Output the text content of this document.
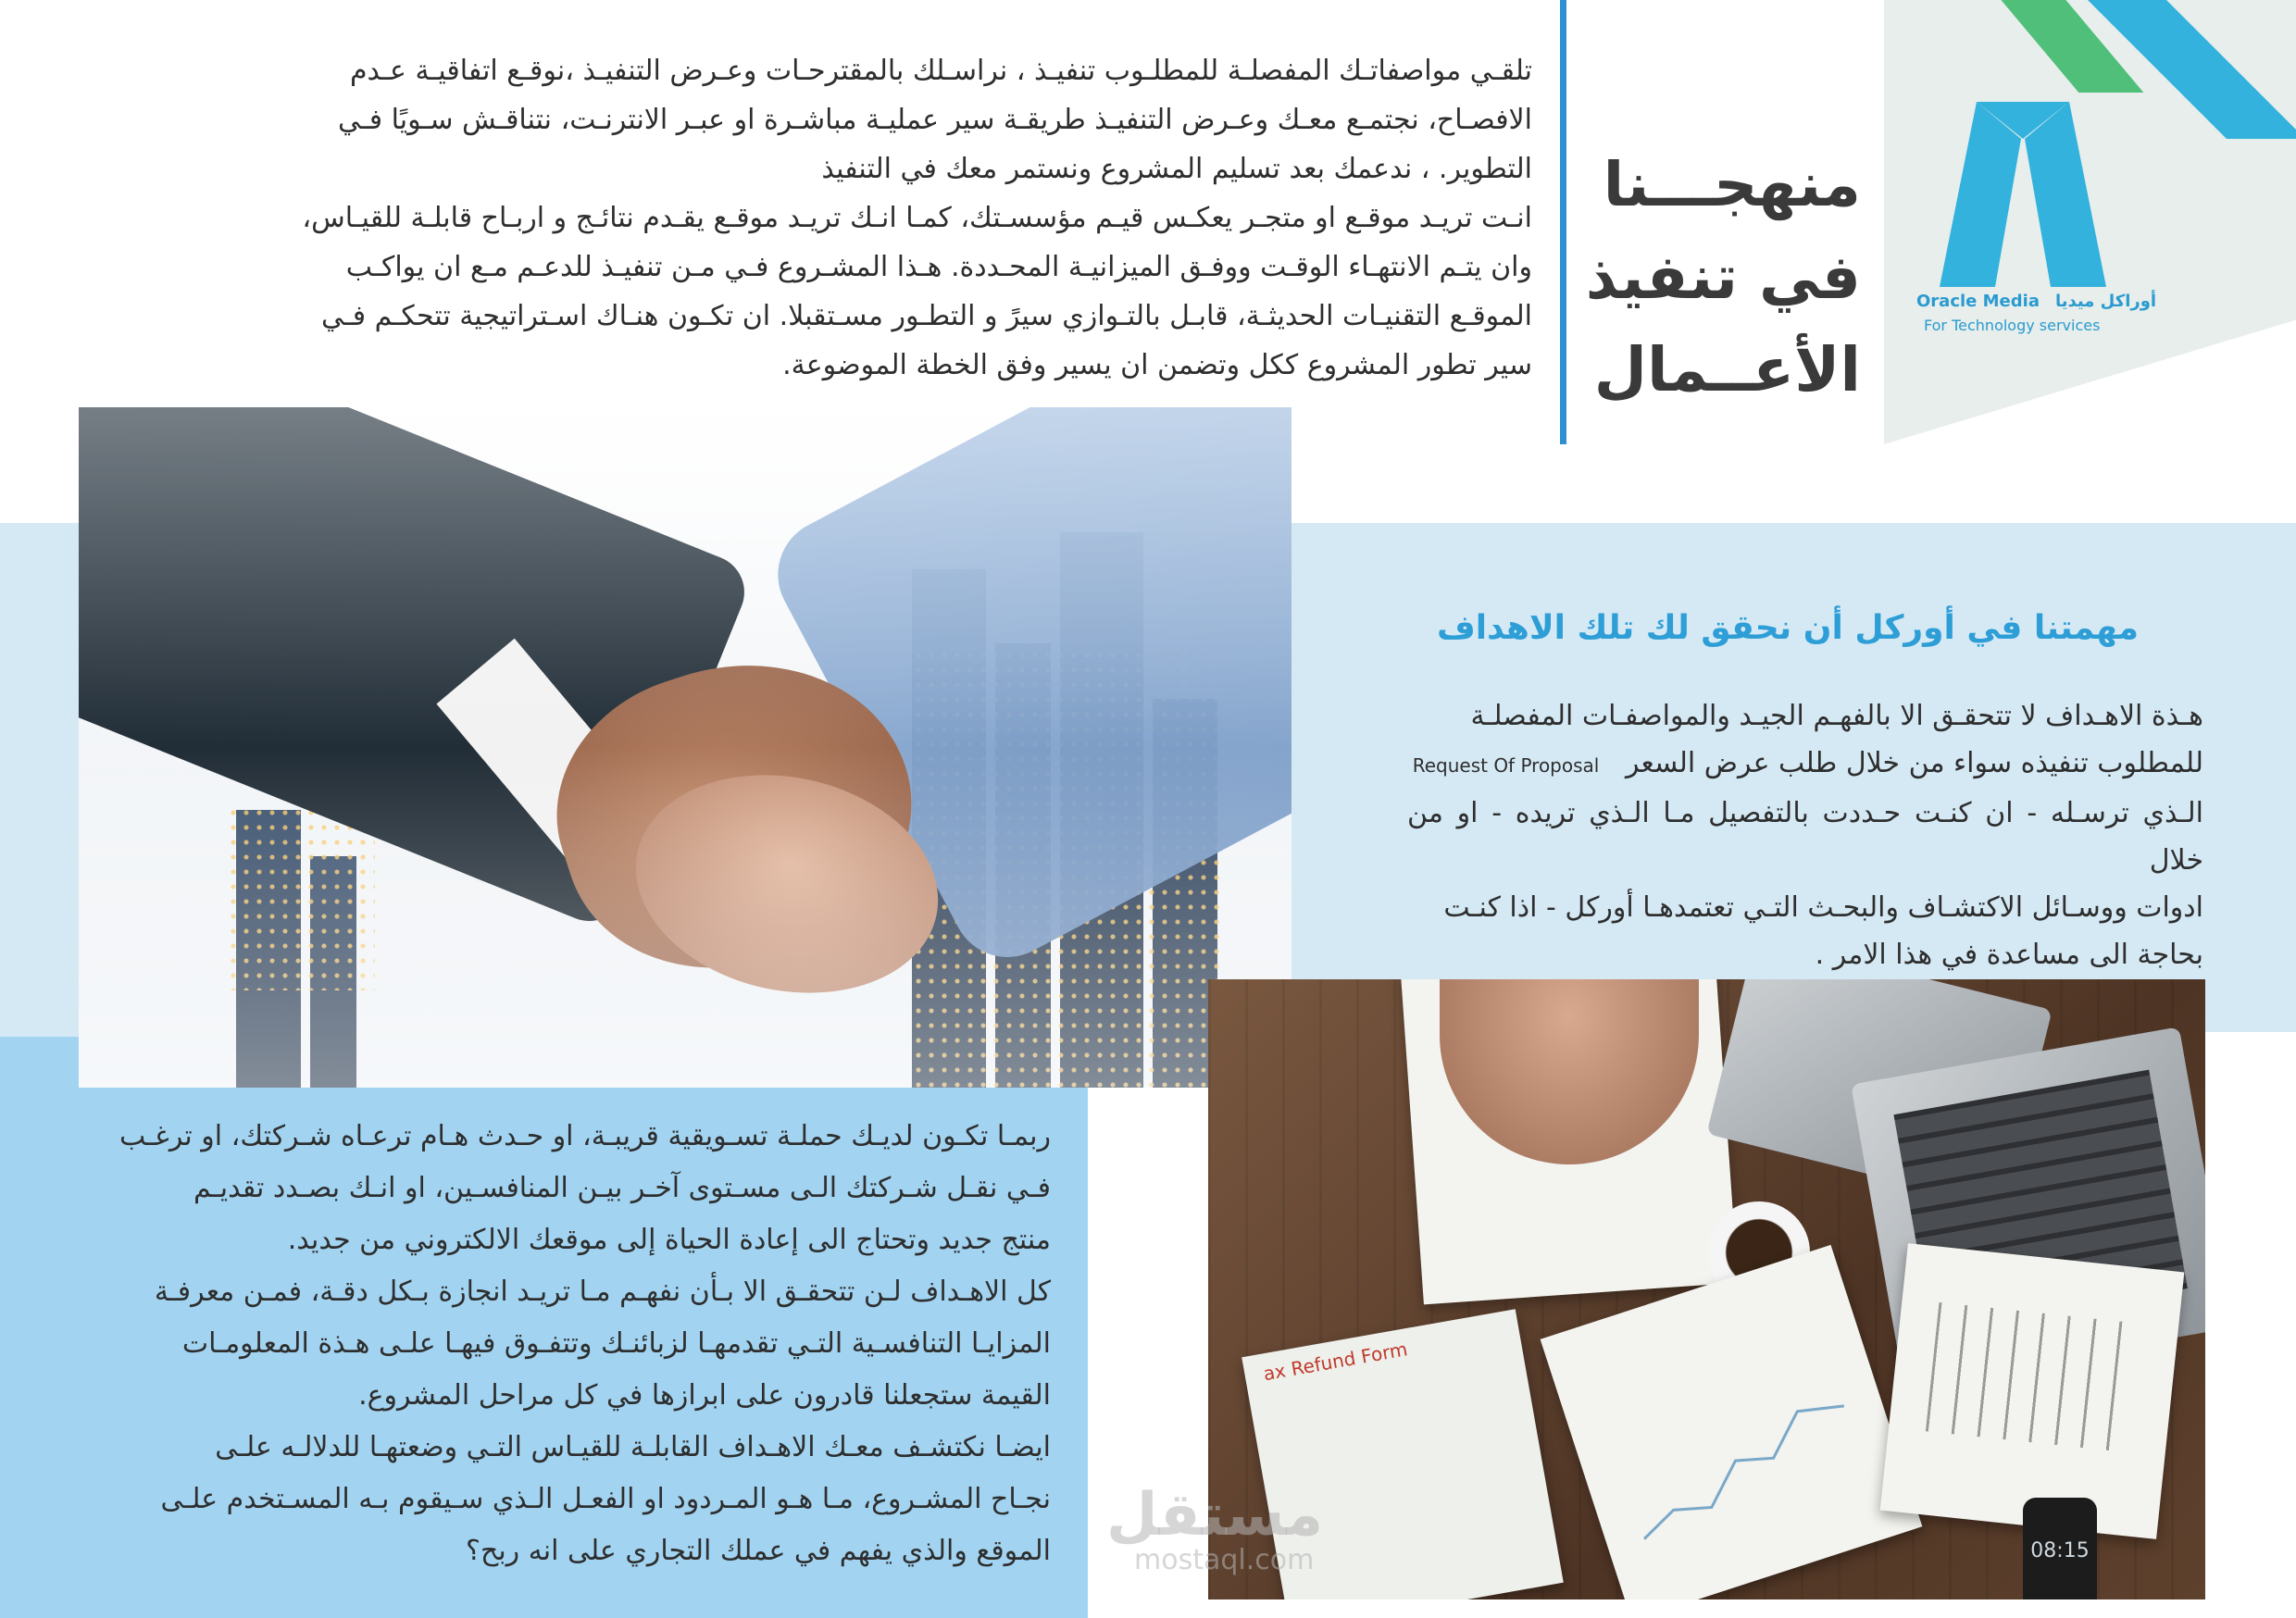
Oracle Media أوراكل ميديا
For Technology services
منهجـــنا
في تنفيذ
الأعــمال
تلقـي مواصفاتـك المفصلـة للمطلـوب تنفيـذ ، نراسـلك بالمقترحـات وعـرض التنفيـذ ،نوقـع اتفاقيـة عـدم
الافصـاح، نجتمـع معـك وعـرض التنفيـذ طريقـة سير عمليـة مباشـرة او عبـر الانترنـت، نتناقـش سـويًا فـي
التطوير. ، ندعمك بعد تسليم المشروع ونستمر معك في التنفيذ
انـت تريـد موقـع او متجـر يعكـس قيـم مؤسسـتك، كمـا انـك تريـد موقـع يقـدم نتائـج و اربـاح قابلـة للقيـاس،
وان يتـم الانتهـاء الوقـت ووفـق الميزانيـة المحـددة. هـذا المشـروع فـي مـن تنفيـذ للدعـم مـع ان يواكـب
الموقـع التقنيـات الحديثـة، قابـل بالتـوازي سيرً و التطـور مسـتقبلا. ان تكـون هنـاك اسـتراتيجية تتحكـم فـي
سير تطور المشروع ككل وتضمن ان يسير وفق الخطة الموضوعة.
مهمتنا في أوركل أن نحقق لك تلك الاهداف
هـذة الاهـداف لا تتحقـق الا بالفهـم الجيـد والمواصفـات المفصلـة
للمطلوب تنفيذه سواء من خلال طلب عرض السعر   Request Of Proposal
الـذي ترسـله - ان كنـت حـددت بالتفصيل مـا الـذي تريده - او من خلال
ادوات ووسـائل الاكتشـاف والبحـث التـي تعتمدهـا أوركل - اذا كنـت
بحاجة الى مساعدة في هذا الامر .
ax Refund Form
08:15
ربمـا تكـون لديـك حملـة تسـويقية قريبـة، او حـدث هـام ترعـاه شـركتك، او ترغـب
فـي نقـل شـركتك الـى مسـتوى آخـر بيـن المنافسـين، او انـك بصـدد تقديـم
منتج جديد وتحتاج الى إعادة الحياة إلى موقعك الالكتروني من جديد.
كل الاهـداف لـن تتحقـق الا بـأن نفهـم مـا تريـد انجازة بـكل دقـة، فمـن معرفـة
المزايـا التنافسـية التـي تقدمهـا لزبائنـك وتتفـوق فيهـا علـى هـذة المعلومـات
القيمة ستجعلنا قادرون على ابرازها في كل مراحل المشروع.
ايضـا نكتشـف معـك الاهـداف القابلـة للقيـاس التـي وضعتهـا للدلالـه علـى
نجـاح المشـروع، مـا هـو المـردود او الفعـل الـذي سـيقوم بـه المسـتخدم علـى
الموقع والذي يفهم في عملك التجاري على انه ربح؟
مستقل
mostaql.com
